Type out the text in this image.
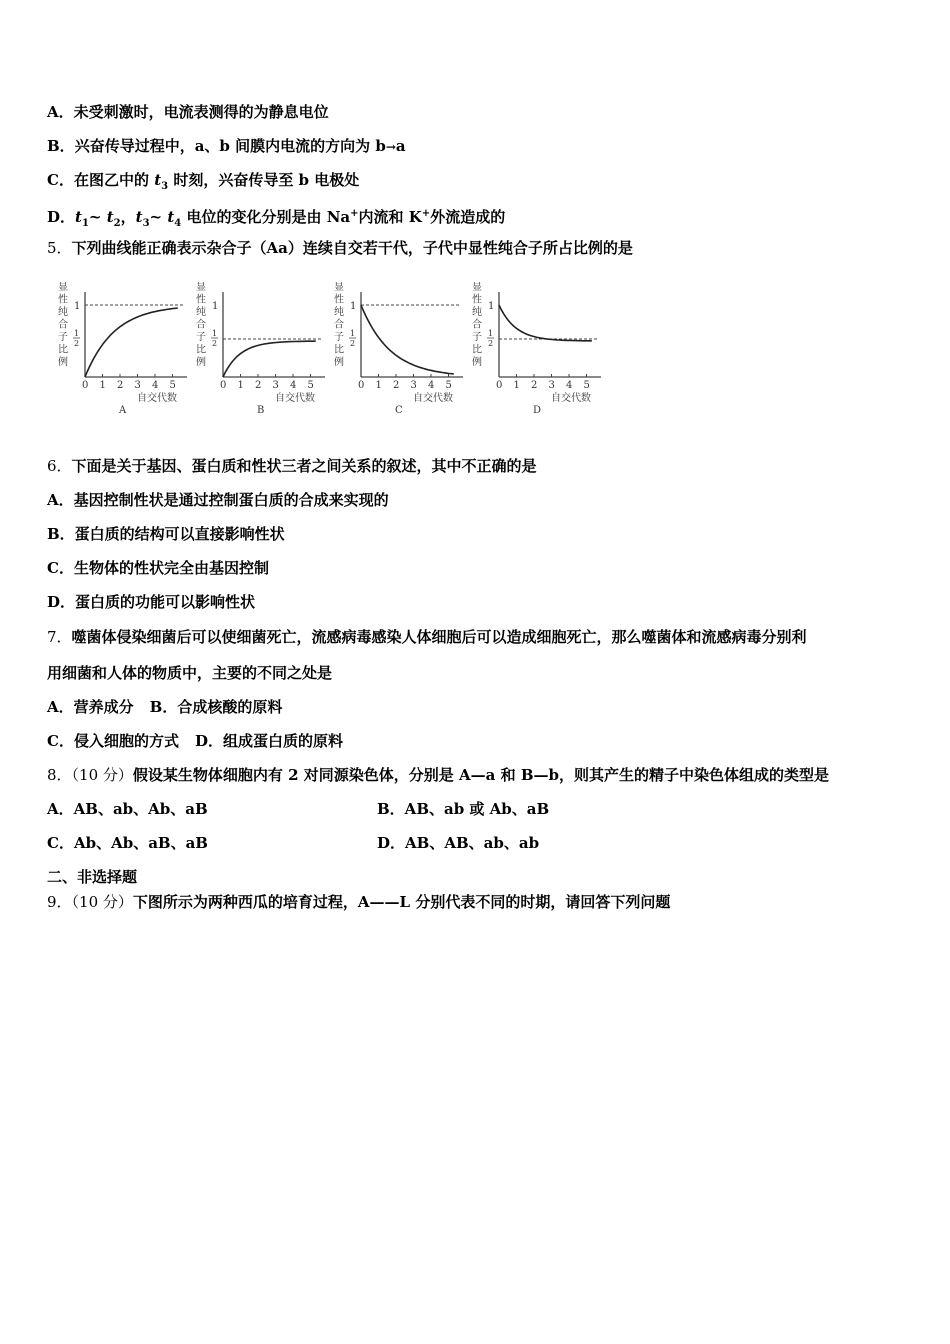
A．未受刺激时，电流表测得的为静息电位
B．兴奋传导过程中，a、b 间膜内电流的方向为 b→a
C．在图乙中的 $t_3$ 时刻，兴奋传导至 b 电极处
D．$t_1\sim$ $t_2$，$t_3\sim$ $t_4$ 电位的变化分别是由 Na+内流和 K+外流造成的
5．下列曲线能正确表示杂合子（Aa）连续自交若干代，子代中显性纯合子所占比例的是
显
性
纯
合
子
比
例
1
1
2
0 1 2 3 4 5
自交代数
A
显
性
纯
合
子
比
例
1
1
2
0 1 2 3 4 5
自交代数
B
显
性
纯
合
子
比
例
1
1
2
0 1 2 3 4 5
自交代数
C
显
性
纯
合
子
比
例
1
1
2
0 1 2 3 4 5
自交代数
D
6．下面是关于基因、蛋白质和性状三者之间关系的叙述，其中不正确的是
A．基因控制性状是通过控制蛋白质的合成来实现的
B．蛋白质的结构可以直接影响性状
C．生物体的性状完全由基因控制
D．蛋白质的功能可以影响性状
7．噬菌体侵染细菌后可以使细菌死亡，流感病毒感染人体细胞后可以造成细胞死亡，那么噬菌体和流感病毒分别利
用细菌和人体的物质中，主要的不同之处是
A．营养成分 B．合成核酸的原料
C．侵入细胞的方式 D．组成蛋白质的原料
8．（10 分）假设某生物体细胞内有 2 对同源染色体，分别是 A—a 和 B—b，则其产生的精子中染色体组成的类型是
A．AB、ab、Ab、aB	B．AB、ab 或 Ab、aB
C．Ab、Ab、aB、aB	D．AB、AB、ab、ab
二、非选择题
9．（10 分）下图所示为两种西瓜的培育过程，A——L 分别代表不同的时期，请回答下列问题
